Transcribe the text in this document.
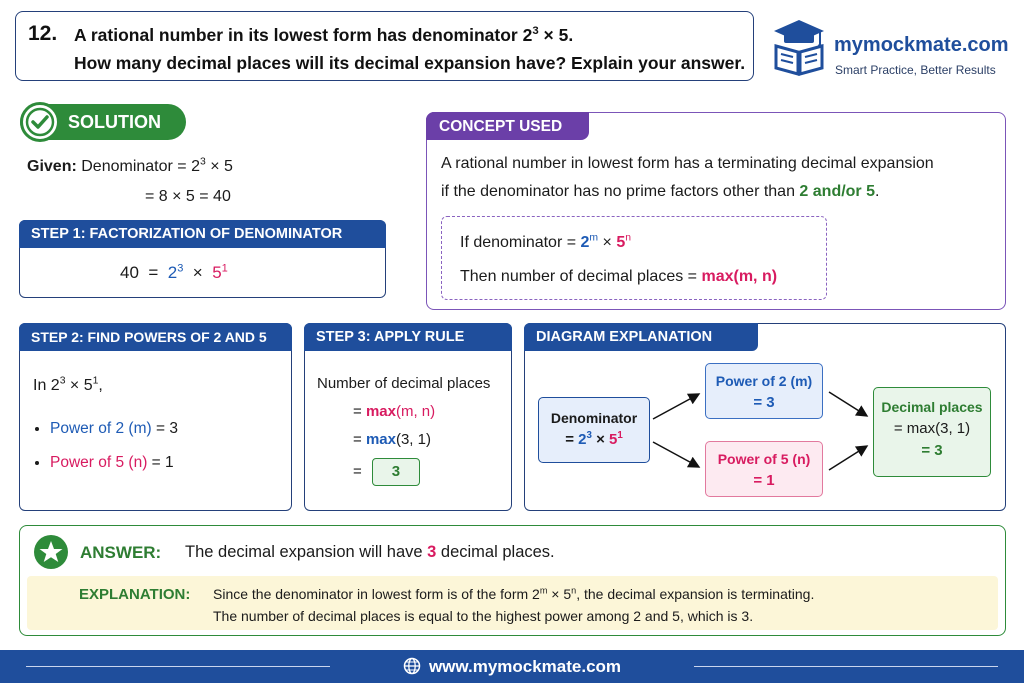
12. A rational number in its lowest form has denominator $2^3 \times 5$.
How many decimal places will its decimal expansion have? Explain your answer.
mymockmate.com
Smart Practice, Better Results
SOLUTION
Given: Denominator = $2^3 \times 5$
= 8 × 5 = 40
STEP 1: FACTORIZATION OF DENOMINATOR
$40 = 2^3 \times 5^1$
CONCEPT USED
A rational number in lowest form has a terminating decimal expansion
if the denominator has no prime factors other than 2 and/or 5.
If denominator = $2^m \times 5^n$
Then number of decimal places = max(m, n)
STEP 2: FIND POWERS OF 2 AND 5
In $2^3 \times 5^1$,
• Power of 2 (m) = 3
• Power of 5 (n) = 1
STEP 3: APPLY RULE
Number of decimal places
= max(m, n)
= max(3, 1)
= 3
DIAGRAM EXPLANATION
Denominator
= $2^3 \times 5^1$
Power of 2 (m)
= 3
Power of 5 (n)
= 1
Decimal places
= max(3, 1)
= 3
ANSWER: The decimal expansion will have 3 decimal places.
EXPLANATION: Since the denominator in lowest form is of the form $2^m \times 5^n$, the decimal expansion is terminating.
The number of decimal places is equal to the highest power among 2 and 5, which is 3.
www.mymockmate.com
